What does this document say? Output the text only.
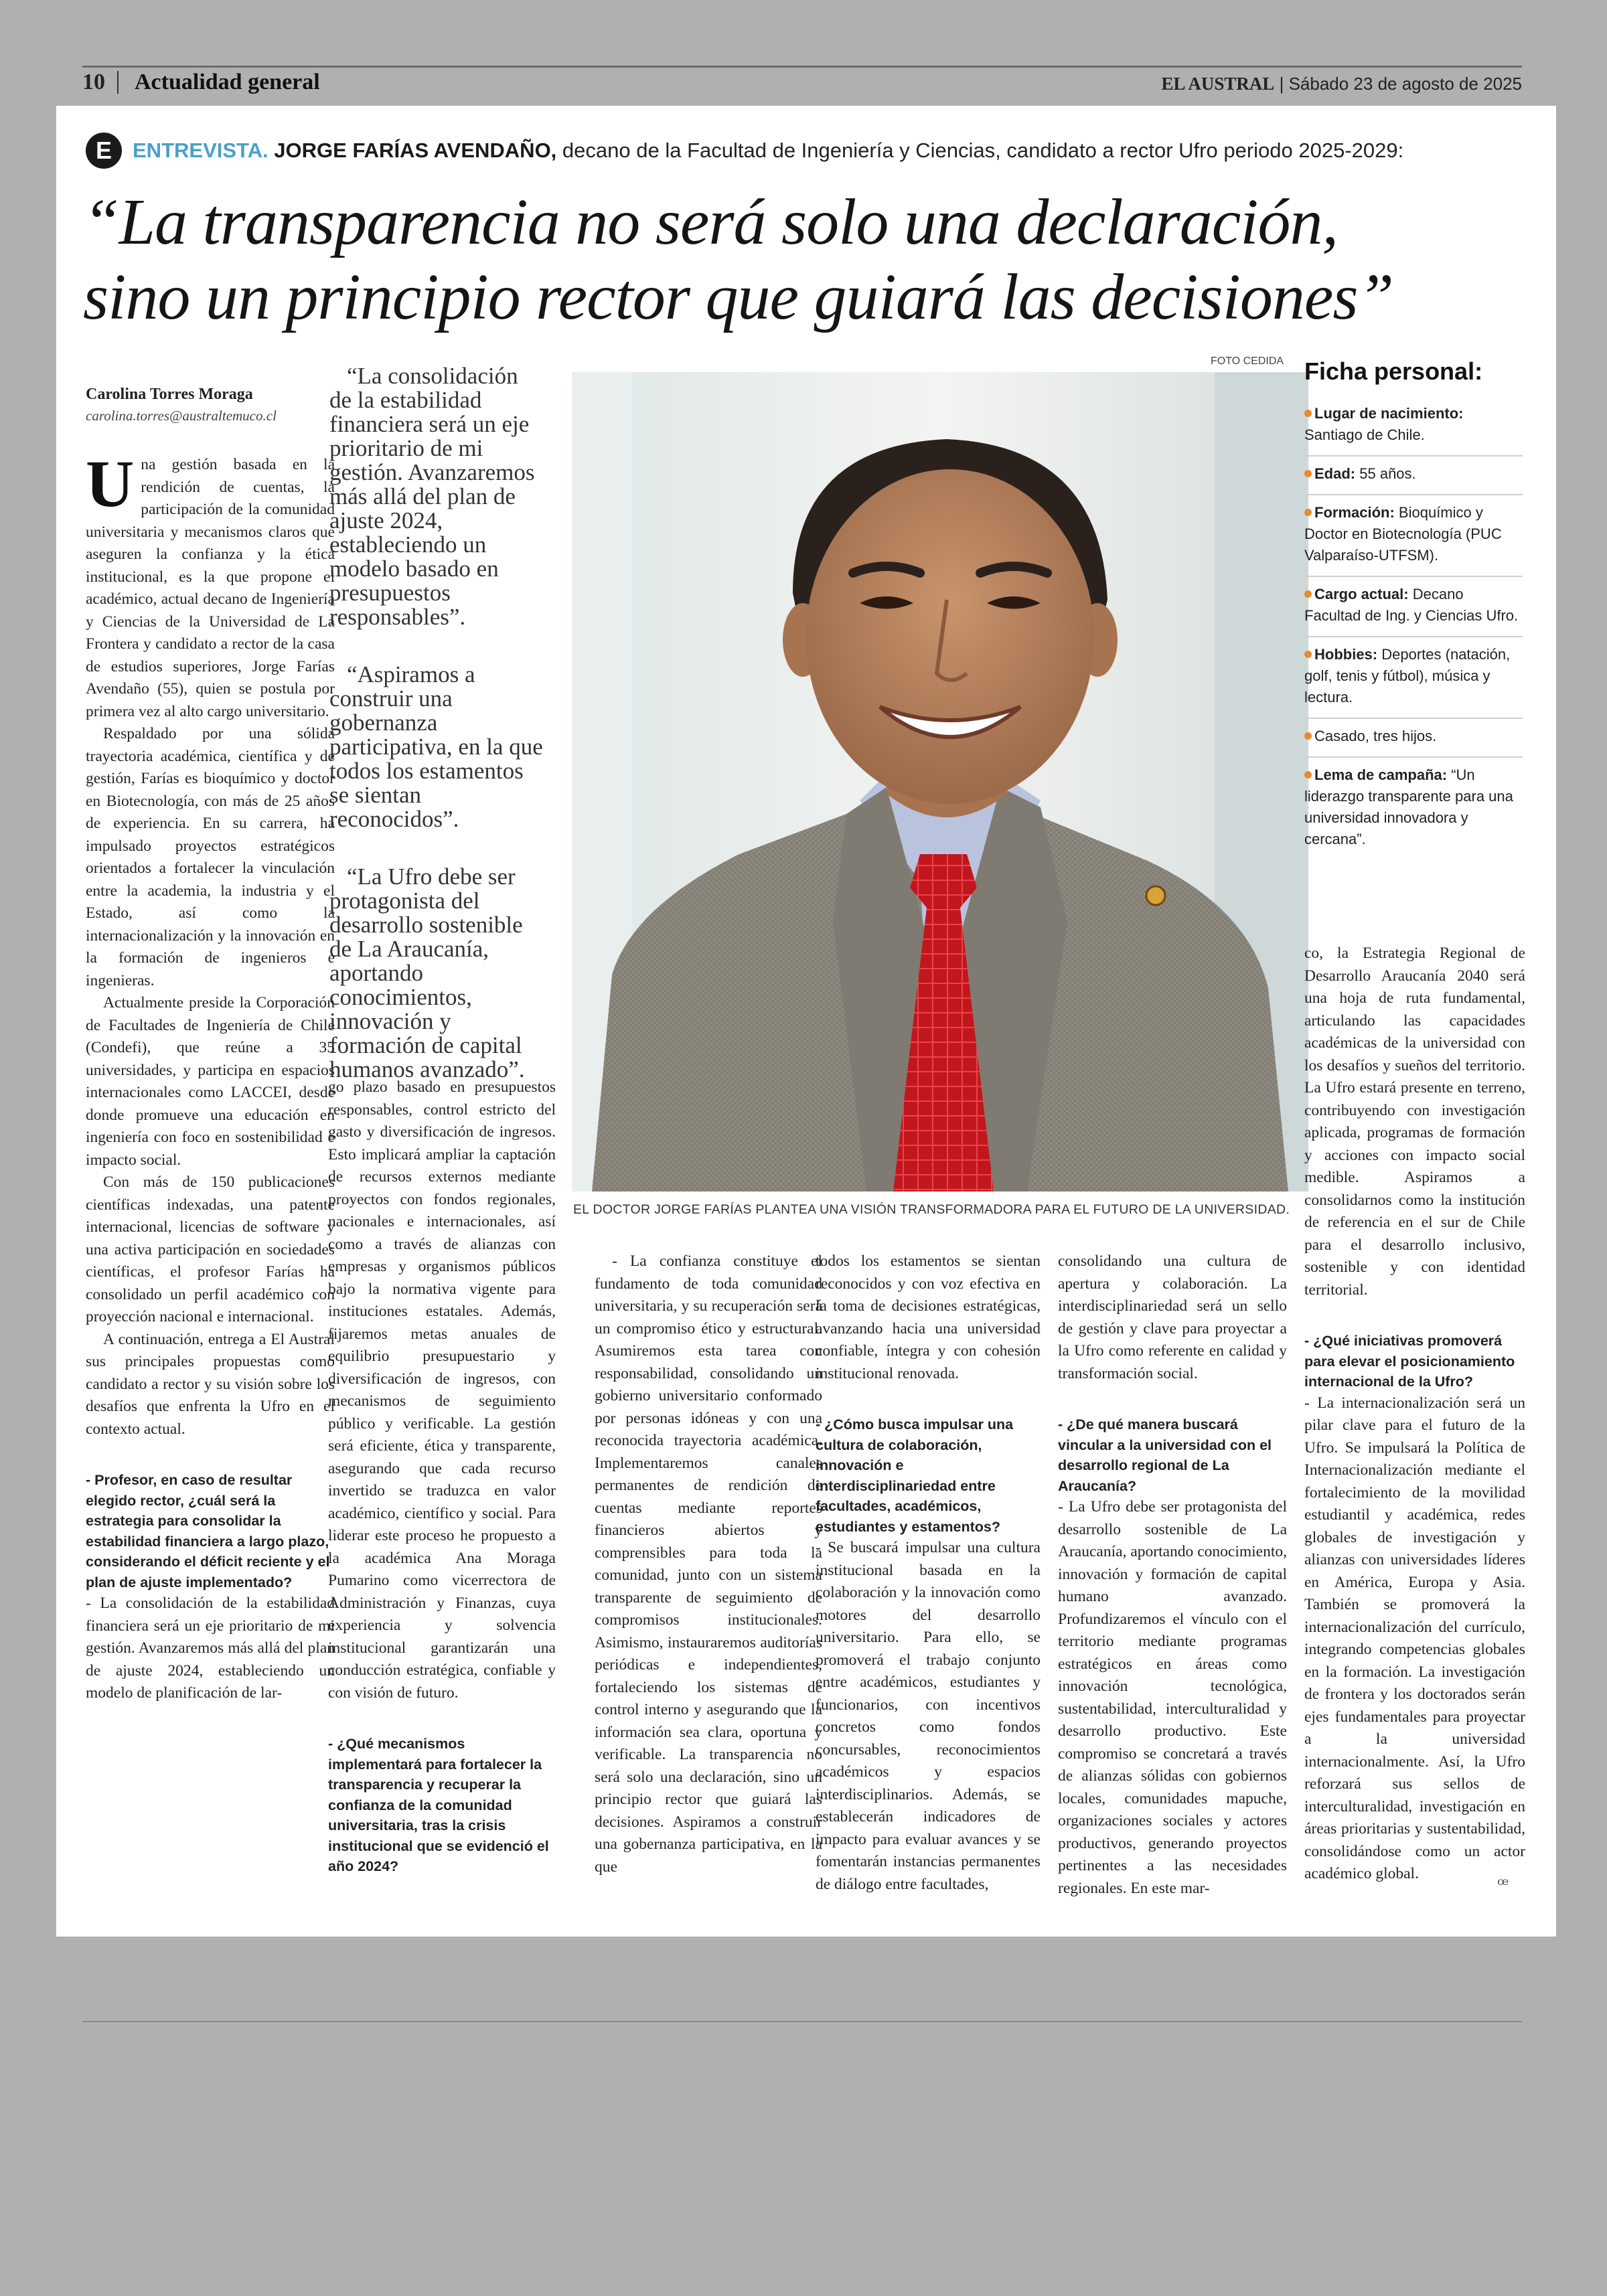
10 Actualidad general	EL AUSTRAL | Sábado 23 de agosto de 2025
E	ENTREVISTA. JORGE FARÍAS AVENDAÑO, decano de la Facultad de Ingeniería y Ciencias, candidato a rector Ufro periodo 2025-2029:
“La transparencia no será solo una declaración,
sino un principio rector que guiará las decisiones”
Carolina Torres Moraga
carolina.torres@australtemuco.cl

Una gestión basada en la rendición de cuentas, la participación de la comunidad universitaria y mecanismos claros que aseguren la confianza y la ética institucional, es la que propone el académico, actual decano de Ingeniería y Ciencias de la Universidad de La Frontera y candidato a rector de la casa de estudios superiores, Jorge Farías Avendaño (55), quien se postula por primera vez al alto cargo universitario.

Respaldado por una sólida trayectoria académica, científica y de gestión, Farías es bioquímico y doctor en Biotecnología, con más de 25 años de experiencia. En su carrera, ha impulsado proyectos estratégicos orientados a fortalecer la vinculación entre la academia, la industria y el Estado, así como la internacionalización y la innovación en la formación de ingenieros e ingenieras.

Actualmente preside la Corporación de Facultades de Ingeniería de Chile (Condefi), que reúne a 35 universidades, y participa en espacios internacionales como LACCEI, desde donde promueve una educación en ingeniería con foco en sostenibilidad e impacto social.

Con más de 150 publicaciones científicas indexadas, una patente internacional, licencias de software y una activa participación en sociedades científicas, el profesor Farías ha consolidado un perfil académico con proyección nacional e internacional.

A continuación, entrega a El Austral sus principales propuestas como candidato a rector y su visión sobre los desafíos que enfrenta la Ufro en el contexto actual.

- Profesor, en caso de resultar elegido rector, ¿cuál será la estrategia para consolidar la estabilidad financiera a largo plazo, considerando el déficit reciente y el plan de ajuste implementado?

- La consolidación de la estabilidad financiera será un eje prioritario de mi gestión. Avanzaremos más allá del plan de ajuste 2024, estableciendo un modelo de planificación de lar-

“La consolidación de la estabilidad financiera será un eje prioritario de mi gestión. Avanzaremos más allá del plan de ajuste 2024, estableciendo un modelo basado en presupuestos responsables”.

“Aspiramos a construir una gobernanza participativa, en la que todos los estamentos se sientan reconocidos”.

“La Ufro debe ser protagonista del desarrollo sostenible de La Araucanía, aportando conocimientos, innovación y formación de capital humanos avanzado”.

go plazo basado en presupuestos responsables, control estricto del gasto y diversificación de ingresos. Esto implicará ampliar la captación de recursos externos mediante proyectos con fondos regionales, nacionales e internacionales, así como a través de alianzas con empresas y organismos públicos bajo la normativa vigente para instituciones estatales. Además, fijaremos metas anuales de equilibrio presupuestario y diversificación de ingresos, con mecanismos de seguimiento público y verificable. La gestión será eficiente, ética y transparente, asegurando que cada recurso invertido se traduzca en valor académico, científico y social. Para liderar este proceso he propuesto a la académica Ana Moraga Pumarino como vicerrectora de Administración y Finanzas, cuya experiencia y solvencia institucional garantizarán una conducción estratégica, confiable y con visión de futuro.

- ¿Qué mecanismos implementará para fortalecer la transparencia y recuperar la confianza de la comunidad universitaria, tras la crisis institucional que se evidenció el año 2024?

FOTO CEDIDA
EL DOCTOR JORGE FARÍAS PLANTEA UNA VISIÓN TRANSFORMADORA PARA EL FUTURO DE LA UNIVERSIDAD.
Ficha personal:
Lugar de nacimiento: Santiago de Chile.
Edad: 55 años.
Formación: Bioquímico y Doctor en Biotecnología (PUC Valparaíso-UTFSM).
Cargo actual: Decano Facultad de Ing. y Ciencias Ufro.
Hobbies: Deportes (natación, golf, tenis y fútbol), música y lectura.
Casado, tres hijos.
Lema de campaña: “Un liderazgo transparente para una universidad innovadora y cercana”.

- La confianza constituye el fundamento de toda comunidad universitaria, y su recuperación será un compromiso ético y estructural. Asumiremos esta tarea con responsabilidad, consolidando un gobierno universitario conformado por personas idóneas y con una reconocida trayectoria académica. Implementaremos canales permanentes de rendición de cuentas mediante reportes financieros abiertos y comprensibles para toda la comunidad, junto con un sistema transparente de seguimiento de compromisos institucionales. Asimismo, instauraremos auditorías periódicas e independientes, fortaleciendo los sistemas de control interno y asegurando que la información sea clara, oportuna y verificable. La transparencia no será solo una declaración, sino un principio rector que guiará las decisiones. Aspiramos a construir una gobernanza participativa, en la que

todos los estamentos se sientan reconocidos y con voz efectiva en la toma de decisiones estratégicas, avanzando hacia una universidad confiable, íntegra y con cohesión institucional renovada.

- ¿Cómo busca impulsar una cultura de colaboración, innovación e interdisciplinariedad entre facultades, académicos, estudiantes y estamentos?

- Se buscará impulsar una cultura institucional basada en la colaboración y la innovación como motores del desarrollo universitario. Para ello, se promoverá el trabajo conjunto entre académicos, estudiantes y funcionarios, con incentivos concretos como fondos concursables, reconocimientos académicos y espacios interdisciplinarios. Además, se establecerán indicadores de impacto para evaluar avances y se fomentarán instancias permanentes de diálogo entre facultades,

consolidando una cultura de apertura y colaboración. La interdisciplinariedad será un sello de gestión y clave para proyectar a la Ufro como referente en calidad y transformación social.

- ¿De qué manera buscará vincular a la universidad con el desarrollo regional de La Araucanía?

- La Ufro debe ser protagonista del desarrollo sostenible de La Araucanía, aportando conocimiento, innovación y formación de capital humano avanzado. Profundizaremos el vínculo con el territorio mediante programas estratégicos en áreas como innovación tecnológica, sustentabilidad, interculturalidad y desarrollo productivo. Este compromiso se concretará a través de alianzas sólidas con gobiernos locales, comunidades mapuche, organizaciones sociales y actores productivos, generando proyectos pertinentes a las necesidades regionales. En este mar-

co, la Estrategia Regional de Desarrollo Araucanía 2040 será una hoja de ruta fundamental, articulando las capacidades académicas de la universidad con los desafíos y sueños del territorio. La Ufro estará presente en terreno, contribuyendo con investigación aplicada, programas de formación y acciones con impacto social medible. Aspiramos a consolidarnos como la institución de referencia en el sur de Chile para el desarrollo inclusivo, sostenible y con identidad territorial.

- ¿Qué iniciativas promoverá para elevar el posicionamiento internacional de la Ufro?

- La internacionalización será un pilar clave para el futuro de la Ufro. Se impulsará la Política de Internacionalización mediante el fortalecimiento de la movilidad estudiantil y académica, redes globales de investigación y alianzas con universidades líderes en América, Europa y Asia. También se promoverá la internacionalización del currículo, integrando competencias globales en la formación. La investigación de frontera y los doctorados serán ejes fundamentales para proyectar a la universidad internacionalmente. Así, la Ufro reforzará sus sellos de interculturalidad, investigación en áreas prioritarias y sustentabilidad, consolidándose como un actor académico global.

ꟹ
